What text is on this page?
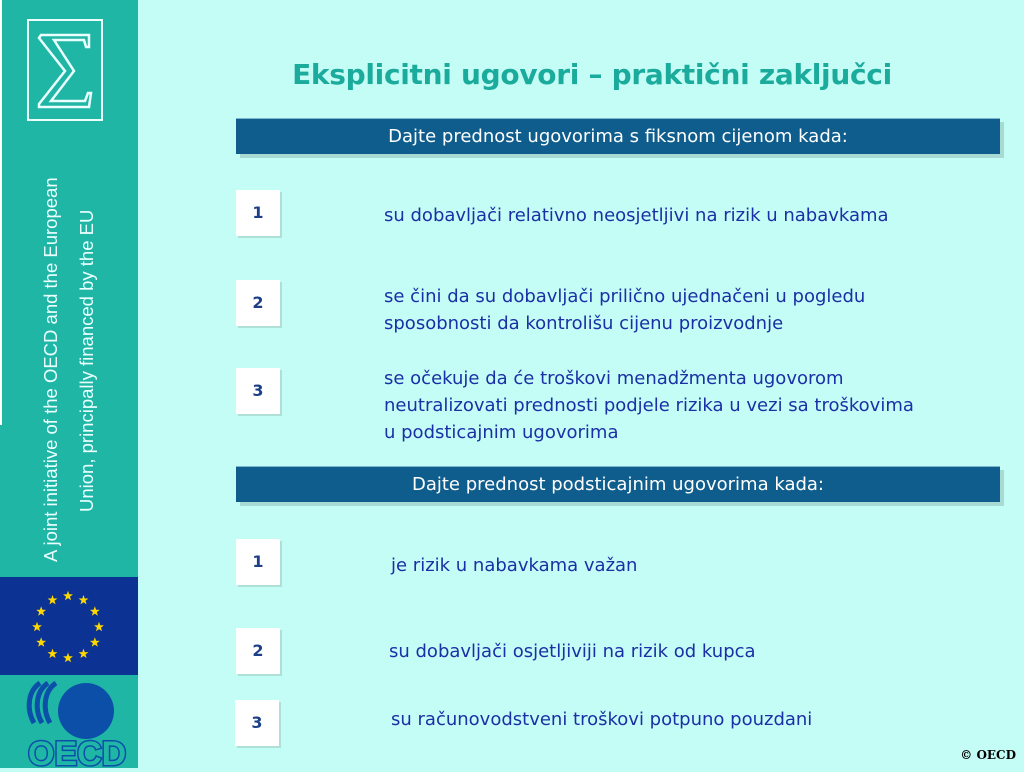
A joint initiative of the OECD and the European Union, principally financed by the EU
OECD
Eksplicitni ugovori – praktični zaključci
Dajte prednost ugovorima s fiksnom cijenom kada:
1	su dobavljači relativno neosjetljivi na rizik u nabavkama
2	se čini da su dobavljači prilično ujednačeni u pogledu
sposobnosti da kontrolišu cijenu proizvodnje
3
se očekuje da će troškovi menadžmenta ugovorom
neutralizovati prednosti podjele rizika u vezi sa troškovima
u podsticajnim ugovorima
Dajte prednost podsticajnim ugovorima kada:
1	je rizik u nabavkama važan
2	su dobavljači osjetljiviji na rizik od kupca
3	su računovodstveni troškovi potpuno pouzdani
© OECD
